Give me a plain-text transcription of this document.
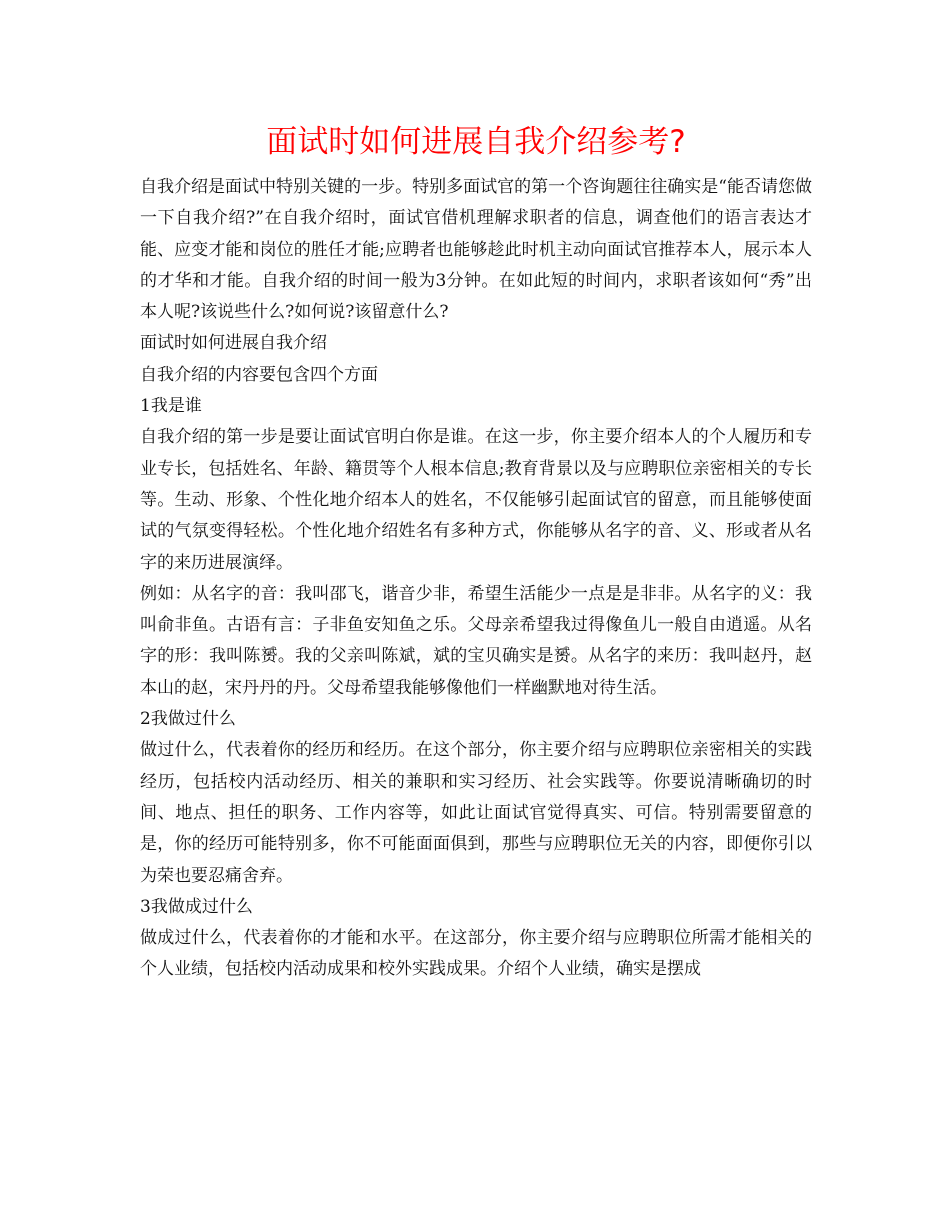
面试时如何进展自我介绍参考?

自我介绍是面试中特别关键的一步。特别多面试官的第一个咨询题往往确实是“能否请您做一下自我介绍?”在自我介绍时，面试官借机理解求职者的信息，调查他们的语言表达才能、应变才能和岗位的胜任才能;应聘者也能够趁此时机主动向面试官推荐本人，展示本人的才华和才能。自我介绍的时间一般为3分钟。在如此短的时间内，求职者该如何“秀”出本人呢?该说些什么?如何说?该留意什么?

面试时如何进展自我介绍

自我介绍的内容要包含四个方面

1我是谁

自我介绍的第一步是要让面试官明白你是谁。在这一步，你主要介绍本人的个人履历和专业专长，包括姓名、年龄、籍贯等个人根本信息;教育背景以及与应聘职位亲密相关的专长等。生动、形象、个性化地介绍本人的姓名，不仅能够引起面试官的留意，而且能够使面试的气氛变得轻松。个性化地介绍姓名有多种方式，你能够从名字的音、义、形或者从名字的来历进展演绎。

例如：从名字的音：我叫邵飞，谐音少非，希望生活能少一点是是非非。从名字的义：我叫俞非鱼。古语有言：子非鱼安知鱼之乐。父母亲希望我过得像鱼儿一般自由逍遥。从名字的形：我叫陈赟。我的父亲叫陈斌，斌的宝贝确实是赟。从名字的来历：我叫赵丹，赵本山的赵，宋丹丹的丹。父母希望我能够像他们一样幽默地对待生活。

2我做过什么

做过什么，代表着你的经历和经历。在这个部分，你主要介绍与应聘职位亲密相关的实践经历，包括校内活动经历、相关的兼职和实习经历、社会实践等。你要说清晰确切的时间、地点、担任的职务、工作内容等，如此让面试官觉得真实、可信。特别需要留意的是，你的经历可能特别多，你不可能面面俱到，那些与应聘职位无关的内容，即便你引以为荣也要忍痛舍弃。

3我做成过什么

做成过什么，代表着你的才能和水平。在这部分，你主要介绍与应聘职位所需才能相关的个人业绩，包括校内活动成果和校外实践成果。介绍个人业绩，确实是摆成
